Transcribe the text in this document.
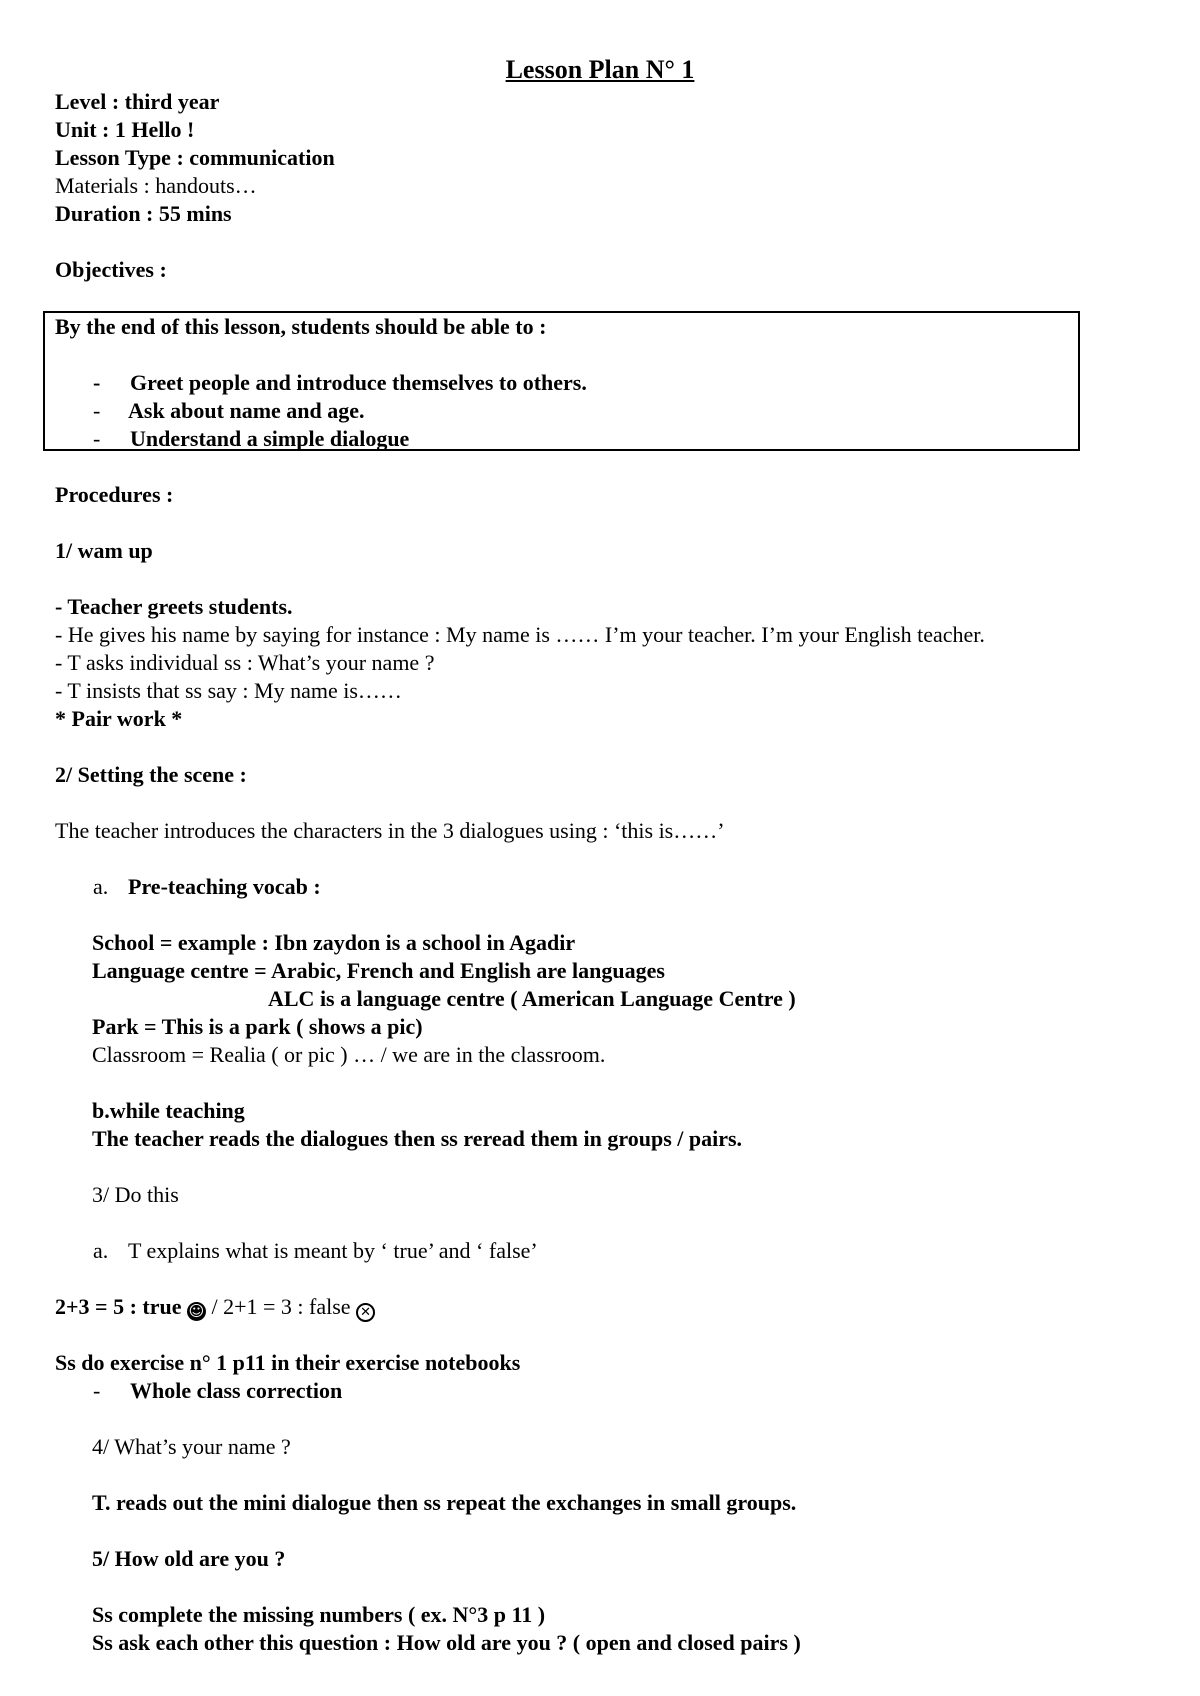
Lesson Plan N° 1
Level : third year
Unit : 1 Hello !
Lesson Type : communication
Materials : handouts…
Duration : 55 mins
Objectives :
By the end of this lesson, students should be able to :
-	Greet people and introduce themselves to others.
-	Ask about name and age.
-	Understand a simple dialogue
Procedures :
1/ wam up
- Teacher greets students.
- He gives his name by saying for instance : My name is …… I’m your teacher. I’m your English teacher.
- T asks individual ss : What’s your name ?
- T insists that ss say : My name is……
* Pair work *
2/ Setting the scene :
The teacher introduces the characters in the 3 dialogues using : ‘this is……’
a. Pre-teaching vocab :
School = example : Ibn zaydon is a school in Agadir
Language centre = Arabic, French and English are languages
ALC is a language centre ( American Language Centre )
Park = This is a park ( shows a pic)
Classroom = Realia ( or pic ) … / we are in the classroom.
b.while teaching
The teacher reads the dialogues then ss reread them in groups / pairs.
3/ Do this
a. T explains what is meant by ‘ true’ and ‘ false’
2+3 = 5 : true ☺ / 2+1 = 3 : false ✕
Ss do exercise n° 1 p11 in their exercise notebooks
-	Whole class correction
4/ What’s your name ?
T. reads out the mini dialogue then ss repeat the exchanges in small groups.
5/ How old are you ?
Ss complete the missing numbers ( ex. N°3 p 11 )
Ss ask each other this question : How old are you ? ( open and closed pairs )
